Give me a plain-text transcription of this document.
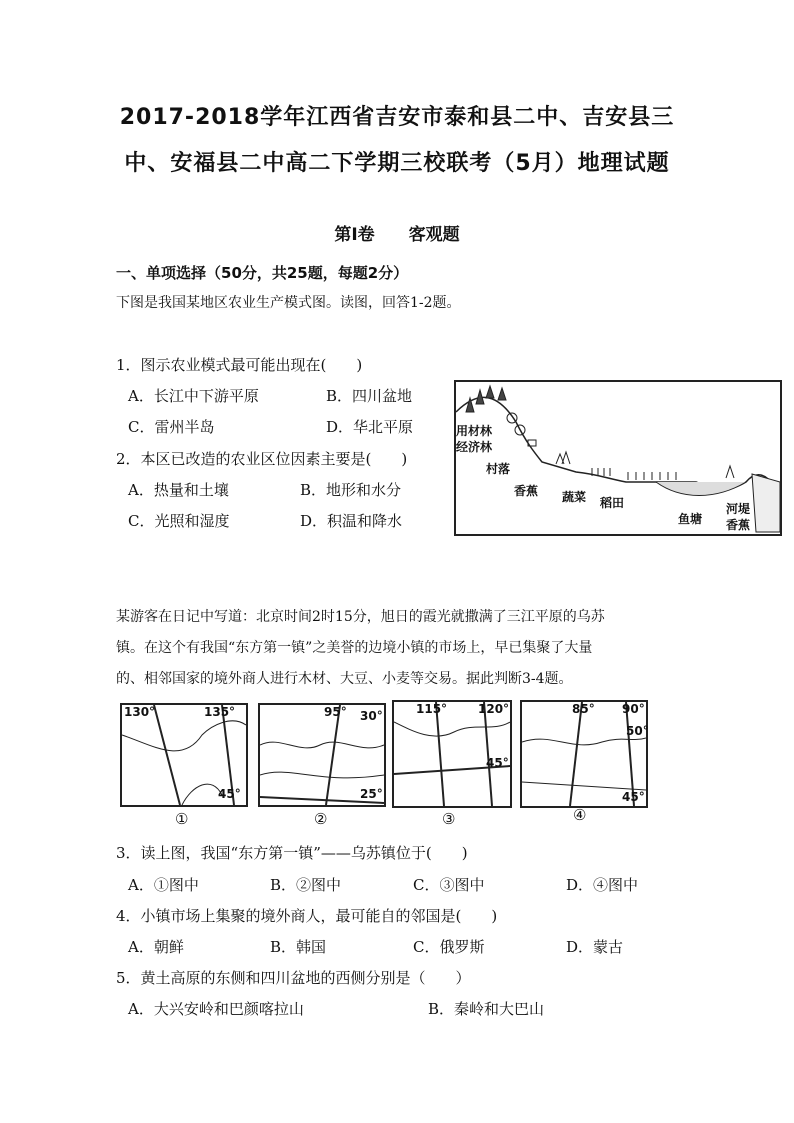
2017-2018学年江西省吉安市泰和县二中、吉安县三
中、安福县二中高二下学期三校联考（5月）地理试题
第Ⅰ卷　　客观题
一、单项选择（50分，共25题，每题2分）
下图是我国某地区农业生产模式图。读图，回答1-2题。
1．图示农业模式最可能出现在(　　)
A．长江中下游平原	B．四川盆地
C．雷州半岛	D．华北平原
2．本区已改造的农业区位因素主要是(　　)
A．热量和土壤	B．地形和水分
C．光照和湿度	D．积温和降水
用材林
经济林
村落
香蕉 蔬菜 稻田
鱼塘
河堤
香蕉
某游客在日记中写道：北京时间2时15分，旭日的霞光就撒满了三江平原的乌苏
镇。在这个有我国“东方第一镇”之美誉的边境小镇的市场上，早已集聚了大量
的、相邻国家的境外商人进行木材、大豆、小麦等交易。据此判断3-4题。
130°	135°
45°
①
95° 30°
25°
②
115°	120°
45°
③
85° 90°
50°
45°
④
3．读上图，我国“东方第一镇”——乌苏镇位于(　　)
A．①图中	B．②图中	C．③图中	D．④图中
4．小镇市场上集聚的境外商人，最可能自的邻国是(　　)
A．朝鲜	B．韩国	C．俄罗斯	D．蒙古
5．黄土高原的东侧和四川盆地的西侧分别是（　　）
A．大兴安岭和巴颜喀拉山	B．秦岭和大巴山
